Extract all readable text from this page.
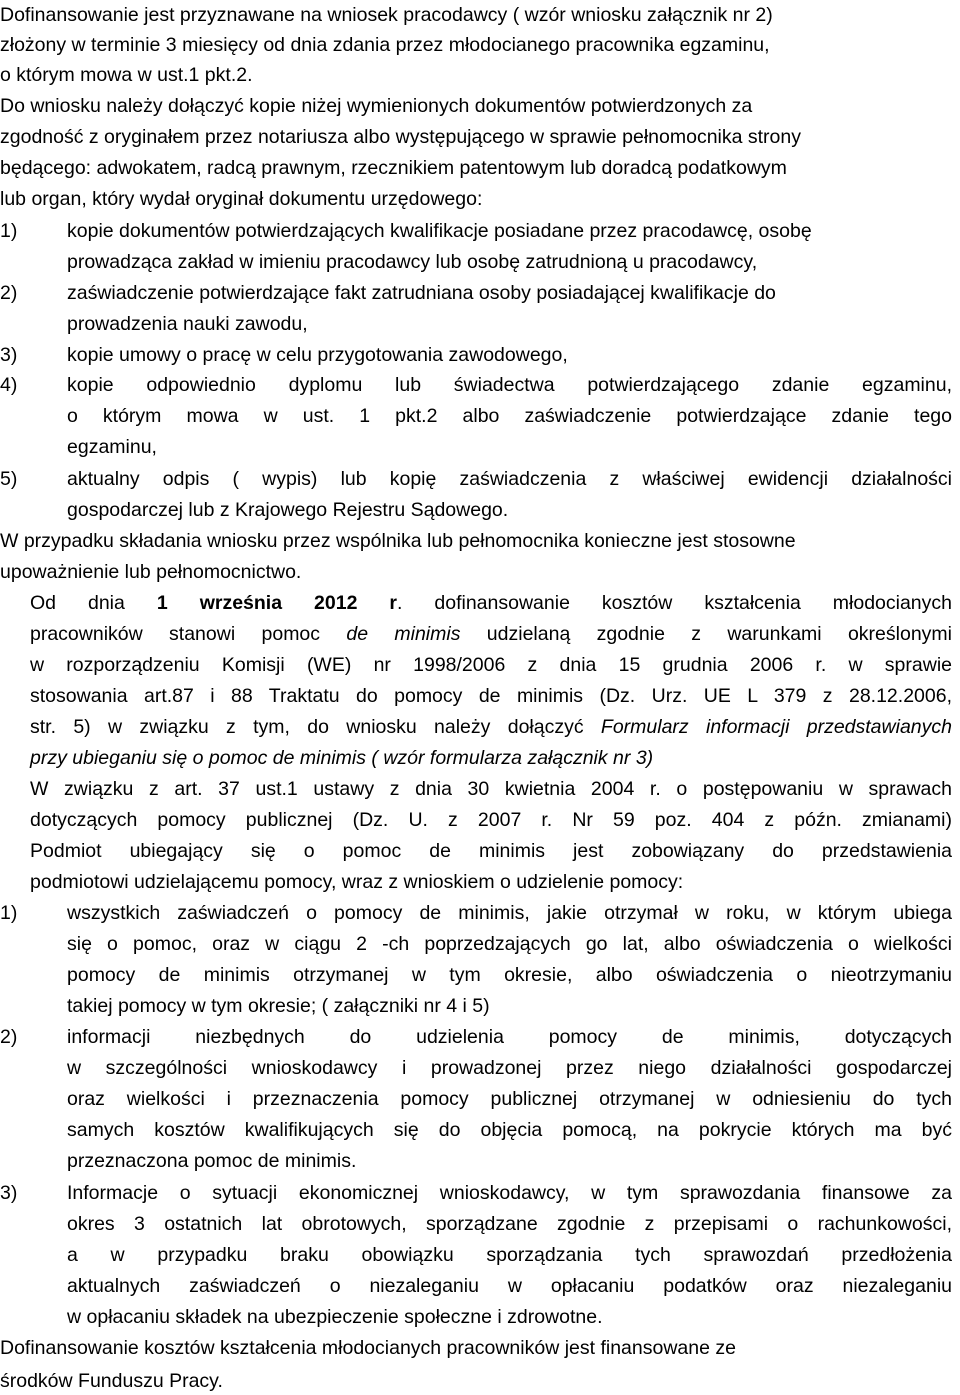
Dofinansowanie jest przyznawane na wniosek pracodawcy ( wzór wniosku załącznik nr 2)
złożony w terminie 3 miesięcy od dnia zdania przez młodocianego pracownika egzaminu,
o którym mowa w ust.1 pkt.2.
Do wniosku należy dołączyć kopie niżej wymienionych dokumentów potwierdzonych za
zgodność z oryginałem przez notariusza albo występującego w sprawie pełnomocnika strony
będącego: adwokatem, radcą prawnym, rzecznikiem patentowym lub doradcą podatkowym
lub organ, który wydał oryginał dokumentu urzędowego:
1)	kopie dokumentów potwierdzających kwalifikacje posiadane przez pracodawcę, osobę
prowadząca zakład w imieniu pracodawcy lub osobę zatrudnioną u pracodawcy,
2)	zaświadczenie potwierdzające fakt zatrudniana osoby posiadającej kwalifikacje do
prowadzenia nauki zawodu,
3)	kopie umowy o pracę w celu przygotowania zawodowego,
4)	kopie odpowiednio dyplomu lub świadectwa potwierdzającego zdanie egzaminu,
o którym mowa w ust. 1 pkt.2 albo zaświadczenie potwierdzające zdanie tego
egzaminu,
5)	aktualny odpis ( wypis) lub kopię zaświadczenia z właściwej ewidencji działalności
gospodarczej lub z Krajowego Rejestru Sądowego.
W przypadku składania wniosku przez wspólnika lub pełnomocnika konieczne jest stosowne
upoważnienie lub pełnomocnictwo.
Od dnia 1 września 2012 r. dofinansowanie kosztów kształcenia młodocianych
pracowników stanowi pomoc de minimis udzielaną zgodnie z warunkami określonymi
w rozporządzeniu Komisji (WE) nr 1998/2006 z dnia 15 grudnia 2006 r. w sprawie
stosowania art.87 i 88 Traktatu do pomocy de minimis (Dz. Urz. UE L 379 z 28.12.2006,
str. 5) w związku z tym, do wniosku należy dołączyć Formularz informacji przedstawianych
przy ubieganiu się o pomoc de minimis ( wzór formularza załącznik nr 3)
W związku z art. 37 ust.1 ustawy z dnia 30 kwietnia 2004 r. o postępowaniu w sprawach
dotyczących pomocy publicznej (Dz. U. z 2007 r. Nr 59 poz. 404 z późn. zmianami)
Podmiot ubiegający się o pomoc de minimis jest zobowiązany do przedstawienia
podmiotowi udzielającemu pomocy, wraz z wnioskiem o udzielenie pomocy:
1)	wszystkich zaświadczeń o pomocy de minimis, jakie otrzymał w roku, w którym ubiega
się o pomoc, oraz w ciągu 2 -ch poprzedzających go lat, albo oświadczenia o wielkości
pomocy de minimis otrzymanej w tym okresie, albo oświadczenia o nieotrzymaniu
takiej pomocy w tym okresie; ( załączniki nr 4 i 5)
2)	informacji niezbędnych do udzielenia pomocy de minimis, dotyczących
w szczególności wnioskodawcy i prowadzonej przez niego działalności gospodarczej
oraz wielkości i przeznaczenia pomocy publicznej otrzymanej w odniesieniu do tych
samych kosztów kwalifikujących się do objęcia pomocą, na pokrycie których ma być
przeznaczona pomoc de minimis.
3)	Informacje o sytuacji ekonomicznej wnioskodawcy, w tym sprawozdania finansowe za
okres 3 ostatnich lat obrotowych, sporządzane zgodnie z przepisami o rachunkowości,
a w przypadku braku obowiązku sporządzania tych sprawozdań przedłożenia
aktualnych zaświadczeń o niezaleganiu w opłacaniu podatków oraz niezaleganiu
w opłacaniu składek na ubezpieczenie społeczne i zdrowotne.
Dofinansowanie kosztów kształcenia młodocianych pracowników jest finansowane ze
środków Funduszu Pracy.
